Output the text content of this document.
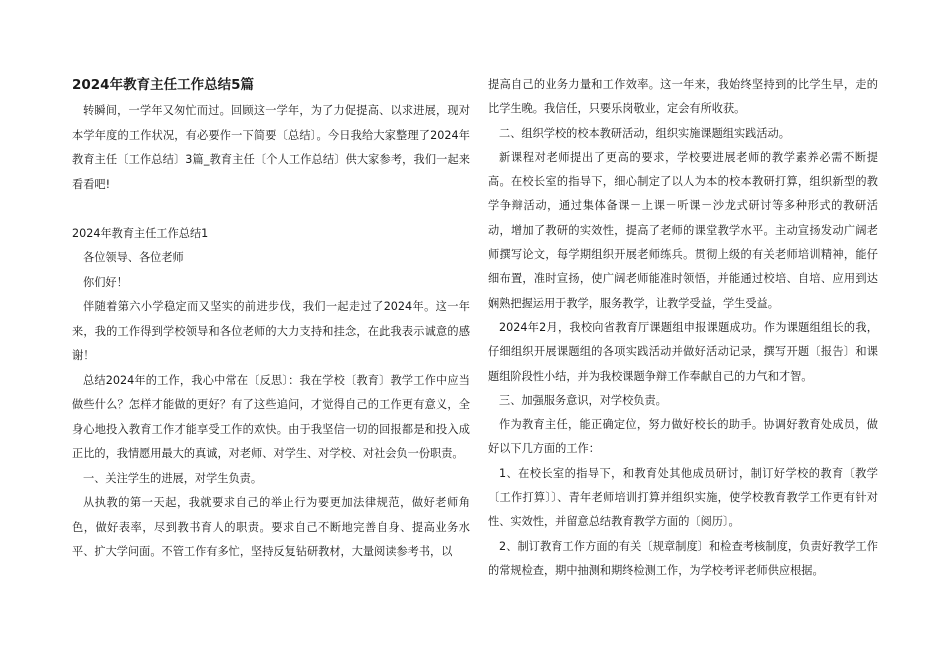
2024年教育主任工作总结5篇

转瞬间，一学年又匆忙而过。回顾这一学年，为了力促提高、以求进展，现对本学年度的工作状况，有必要作一下简要〔总结〕。今日我给大家整理了2024年教育主任〔工作总结〕3篇_教育主任〔个人工作总结〕供大家参考，我们一起来看看吧!

2024年教育主任工作总结1

各位领导、各位老师

你们好！

伴随着第六小学稳定而又坚实的前进步伐，我们一起走过了2024年。这一年来，我的工作得到学校领导和各位老师的大力支持和挂念，在此我表示诚意的感谢！

总结2024年的工作，我心中常在〔反思〕：我在学校〔教育〕教学工作中应当做些什么？怎样才能做的更好？有了这些追问，才觉得自己的工作更有意义，全身心地投入教育工作才能享受工作的欢快。由于我坚信一切的回报都是和投入成正比的，我情愿用最大的真诚，对老师、对学生、对学校、对社会负一份职责。

一、关注学生的进展，对学生负责。

从执教的第一天起，我就要求自己的举止行为要更加法律规范，做好老师角色，做好表率，尽到教书育人的职责。要求自己不断地完善自身、提高业务水平、扩大学问面。不管工作有多忙，坚持反复钻研教材，大量阅读参考书，以

提高自己的业务力量和工作效率。这一年来，我始终坚持到的比学生早，走的比学生晚。我信任，只要乐岗敬业，定会有所收获。

二、组织学校的校本教研活动，组织实施课题组实践活动。

新课程对老师提出了更高的要求，学校要进展老师的教学素养必需不断提高。在校长室的指导下，细心制定了以人为本的校本教研打算，组织新型的教学争辩活动，通过集体备课－上课－听课－沙龙式研讨等多种形式的教研活动，增加了教研的实效性，提高了老师的课堂教学水平。主动宣扬发动广阔老师撰写论文，每学期组织开展老师练兵。贯彻上级的有关老师培训精神，能仔细布置，准时宣扬，使广阔老师能准时领悟，并能通过校培、自培、应用到达娴熟把握运用于教学，服务教学，让教学受益，学生受益。

2024年2月，我校向省教育厅课题组申报课题成功。作为课题组组长的我，仔细组织开展课题组的各项实践活动并做好活动记录，撰写开题〔报告〕和课题组阶段性小结，并为我校课题争辩工作奉献自己的力气和才智。

三、加强服务意识，对学校负责。

作为教育主任，能正确定位，努力做好校长的助手。协调好教育处成员，做好以下几方面的工作：

1、在校长室的指导下，和教育处其他成员研讨，制订好学校的教育〔教学〔工作打算〕〕、青年老师培训打算并组织实施，使学校教育教学工作更有针对性、实效性，并留意总结教育教学方面的〔阅历〕。

2、制订教育工作方面的有关〔规章制度〕和检查考核制度，负责好教学工作的常规检查，期中抽测和期终检测工作，为学校考评老师供应根据。
